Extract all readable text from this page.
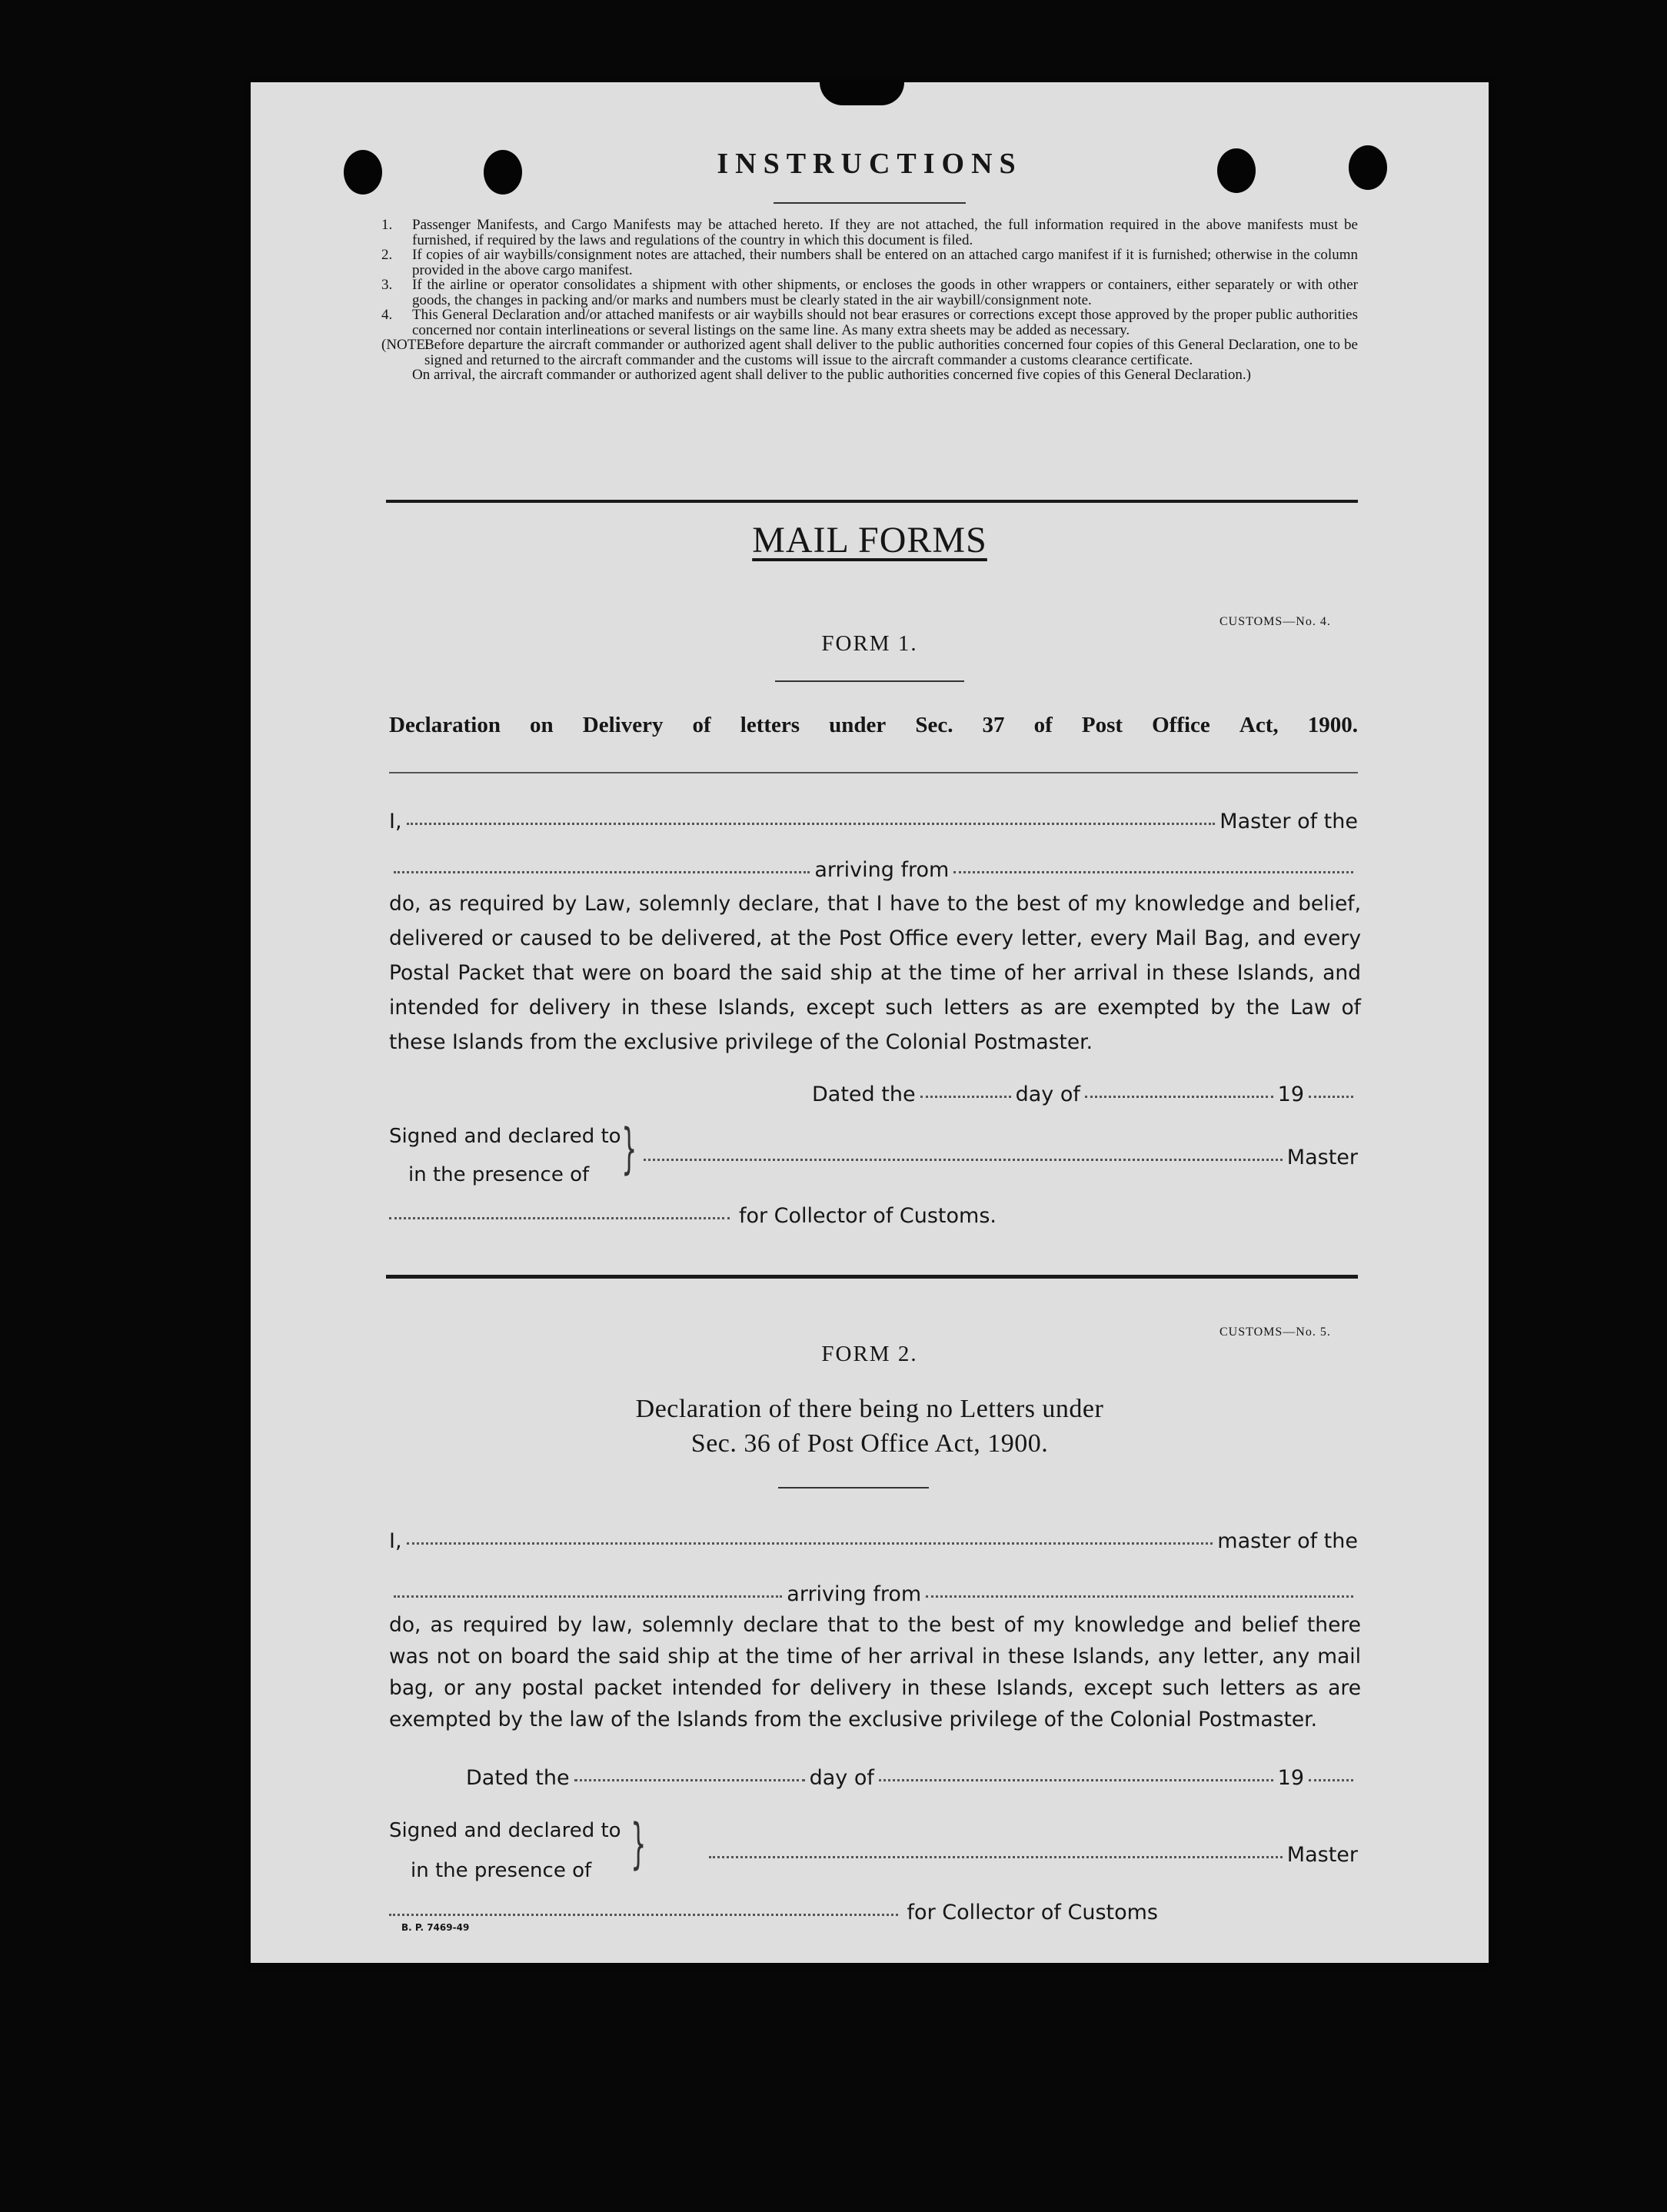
INSTRUCTIONS
1.	Passenger Manifests, and Cargo Manifests may be attached hereto. If they are not attached, the full information required in the above manifests must be furnished, if required by the laws and regulations of the country in which this document is filed.
2.	If copies of air waybills/consignment notes are attached, their numbers shall be entered on an attached cargo manifest if it is furnished; otherwise in the column provided in the above cargo manifest.
3.	If the airline or operator consolidates a shipment with other shipments, or encloses the goods in other wrappers or containers, either separately or with other goods, the changes in packing and/or marks and numbers must be clearly stated in the air waybill/consignment note.
4.	This General Declaration and/or attached manifests or air waybills should not bear erasures or corrections except those approved by the proper public authorities concerned nor contain interlineations or several listings on the same line. As many extra sheets may be added as necessary.
(NOTE:
Before departure the aircraft commander or authorized agent shall deliver to the public authorities concerned four copies of this General Declaration, one to be signed and returned to the aircraft commander and the customs will issue to the aircraft commander a customs clearance certificate.
On arrival, the aircraft commander or authorized agent shall deliver to the public authorities concerned five copies of this General Declaration.)
MAIL FORMS
CUSTOMS—No. 4.
FORM 1.
Declaration on Delivery of letters under Sec. 37 of Post Office Act, 1900.
I,	Master of the
arriving from
do, as required by Law, solemnly declare, that I have to the best of my knowledge and belief, delivered or caused to be delivered, at the Post Office every letter, every Mail Bag, and every Postal Packet that were on board the said ship at the time of her arrival in these Islands, and intended for delivery in these Islands, except such letters as are exempted by the Law of these Islands from the exclusive privilege of the Colonial Postmaster.
Dated the	day of	19
Signed and declared to
in the presence of }	Master
for Collector of Customs.
CUSTOMS—No. 5.
FORM 2.
Declaration of there being no Letters under
Sec. 36 of Post Office Act, 1900.
I,	master of the
arriving from
do, as required by law, solemnly declare that to the best of my knowledge and belief there was not on board the said ship at the time of her arrival in these Islands, any letter, any mail bag, or any postal packet intended for delivery in these Islands, except such letters as are exempted by the law of the Islands from the exclusive privilege of the Colonial Postmaster.
Dated the	day of	19
Signed and declared to
in the presence of }	Master
for Collector of Customs
B. P. 7469-49
